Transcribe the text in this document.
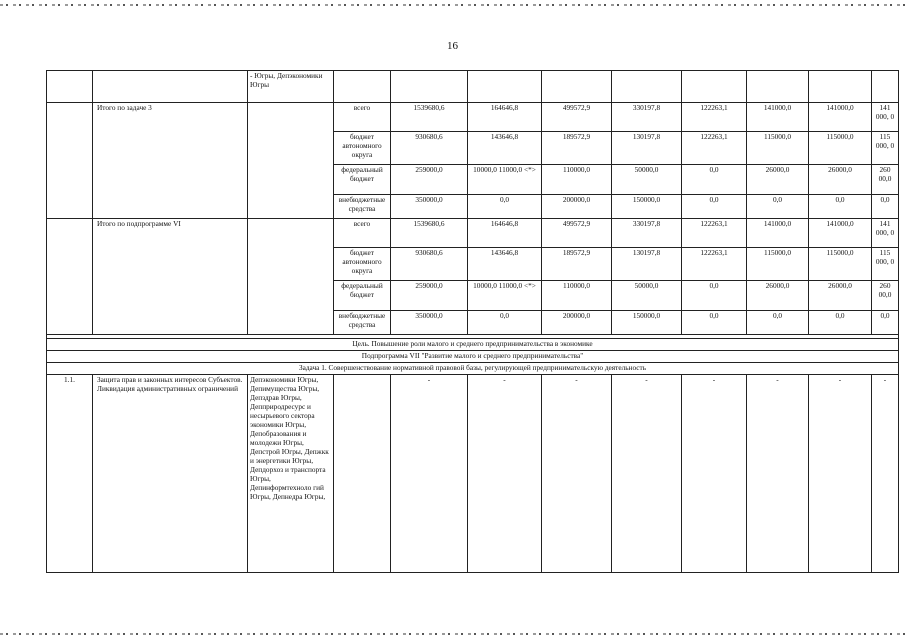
16
		- Югры, Депэкономики Югры									
	Итого по задаче 3		всего	1539680,6	164646,8	499572,9	330197,8	122263,1	141000,0	141000,0	141 000, 0
			бюджет автономного округа	930680,6	143646,8	189572,9	130197,8	122263,1	115000,0	115000,0	115 000, 0
			федеральный бюджет	259000,0	10000,0 11000,0 <*>	110000,0	50000,0	0,0	26000,0	26000,0	260 00,0
			внебюджетные средства	350000,0	0,0	200000,0	150000,0	0,0	0,0	0,0	0,0
	Итого по подпрограмме VI		всего	1539680,6	164646,8	499572,9	330197,8	122263,1	141000,0	141000,0	141 000, 0
			бюджет автономного округа	930680,6	143646,8	189572,9	130197,8	122263,1	115000,0	115000,0	115 000, 0
			федеральный бюджет	259000,0	10000,0 11000,0 <*>	110000,0	50000,0	0,0	26000,0	26000,0	260 00,0
			внебюджетные средства	350000,0	0,0	200000,0	150000,0	0,0	0,0	0,0	0,0

Цель. Повышение роли малого и среднего предпринимательства в экономике											
Подпрограмма VII "Развитие малого и среднего предпринимательства"											
Задача 1. Совершенствование нормативной правовой базы, регулирующей предпринимательскую деятельность											
1.1.	Защита прав и законных интересов Субъектов. Ликвидация административных ограничений	Депэкономики Югры, Депимущества Югры, Депздрав Югры, Депприродресурс и несырьевого сектора экономики Югры, Депобразования и молодежи Югры, Депстрой Югры, Депжкк и энергетики Югры, Депдорхоз и транспорта Югры, Депинформтехноло гий Югры, Депнедра Югры,		-	-	-	-	-	-	-	-
